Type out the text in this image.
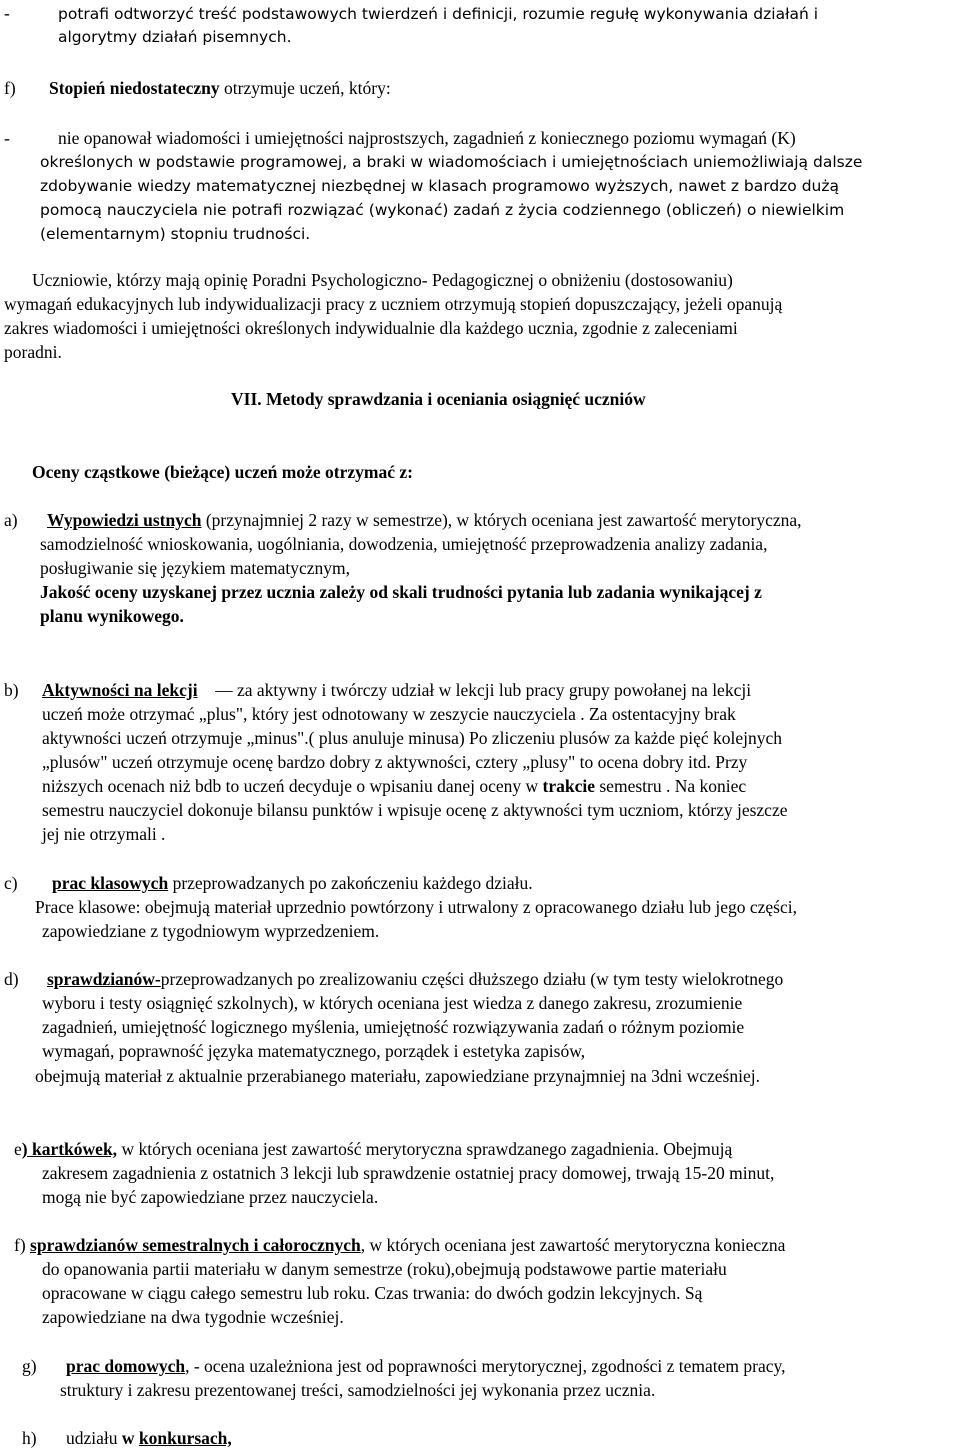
-	potrafi odtworzyć treść podstawowych twierdzeń i definicji, rozumie regułę wykonywania działań i
algorytmy działań pisemnych.
f) Stopień niedostateczny otrzymuje uczeń, który:
-	nie opanował wiadomości i umiejętności najprostszych, zagadnień z koniecznego poziomu wymagań (K)
określonych w podstawie programowej, a braki w wiadomościach i umiejętnościach uniemożliwiają dalsze
zdobywanie wiedzy matematycznej niezbędnej w klasach programowo wyższych, nawet z bardzo dużą
pomocą nauczyciela nie potrafi rozwiązać (wykonać) zadań z życia codziennego (obliczeń) o niewielkim
(elementarnym) stopniu trudności.
Uczniowie, którzy mają opinię Poradni Psychologiczno- Pedagogicznej o obniżeniu (dostosowaniu)
wymagań edukacyjnych lub indywidualizacji pracy z uczniem otrzymują stopień dopuszczający, jeżeli opanują
zakres wiadomości i umiejętności określonych indywidualnie dla każdego ucznia, zgodnie z zaleceniami
poradni.
VII. Metody sprawdzania i oceniania osiągnięć uczniów
Oceny cząstkowe (bieżące) uczeń może otrzymać z:
a) Wypowiedzi ustnych (przynajmniej 2 razy w semestrze), w których oceniana jest zawartość merytoryczna,
samodzielność wnioskowania, uogólniania, dowodzenia, umiejętność przeprowadzenia analizy zadania,
posługiwanie się językiem matematycznym,
Jakość oceny uzyskanej przez ucznia zależy od skali trudności pytania lub zadania wynikającej z
planu wynikowego.
b) Aktywności na lekcji — za aktywny i twórczy udział w lekcji lub pracy grupy powołanej na lekcji
uczeń może otrzymać „plus", który jest odnotowany w zeszycie nauczyciela . Za ostentacyjny brak
aktywności uczeń otrzymuje „minus".( plus anuluje minusa) Po zliczeniu plusów za każde pięć kolejnych
„plusów" uczeń otrzymuje ocenę bardzo dobry z aktywności, cztery „plusy" to ocena dobry itd. Przy
niższych ocenach niż bdb to uczeń decyduje o wpisaniu danej oceny w trakcie semestru . Na koniec
semestru nauczyciel dokonuje bilansu punktów i wpisuje ocenę z aktywności tym uczniom, którzy jeszcze
jej nie otrzymali .
c) prac klasowych przeprowadzanych po zakończeniu każdego działu.
Prace klasowe: obejmują materiał uprzednio powtórzony i utrwalony z opracowanego działu lub jego części,
zapowiedziane z tygodniowym wyprzedzeniem.
d) sprawdzianów-przeprowadzanych po zrealizowaniu części dłuższego działu (w tym testy wielokrotnego
wyboru i testy osiągnięć szkolnych), w których oceniana jest wiedza z danego zakresu, zrozumienie
zagadnień, umiejętność logicznego myślenia, umiejętność rozwiązywania zadań o różnym poziomie
wymagań, poprawność języka matematycznego, porządek i estetyka zapisów,
obejmują materiał z aktualnie przerabianego materiału, zapowiedziane przynajmniej na 3dni wcześniej.
e) kartkówek, w których oceniana jest zawartość merytoryczna sprawdzanego zagadnienia. Obejmują
zakresem zagadnienia z ostatnich 3 lekcji lub sprawdzenie ostatniej pracy domowej, trwają 15-20 minut,
mogą nie być zapowiedziane przez nauczyciela.
f) sprawdzianów semestralnych i całorocznych, w których oceniana jest zawartość merytoryczna konieczna
do opanowania partii materiału w danym semestrze (roku),obejmują podstawowe partie materiału
opracowane w ciągu całego semestru lub roku. Czas trwania: do dwóch godzin lekcyjnych. Są
zapowiedziane na dwa tygodnie wcześniej.
g) prac domowych, - ocena uzależniona jest od poprawności merytorycznej, zgodności z tematem pracy,
struktury i zakresu prezentowanej treści, samodzielności jej wykonania przez ucznia.
h) udziału w konkursach,
